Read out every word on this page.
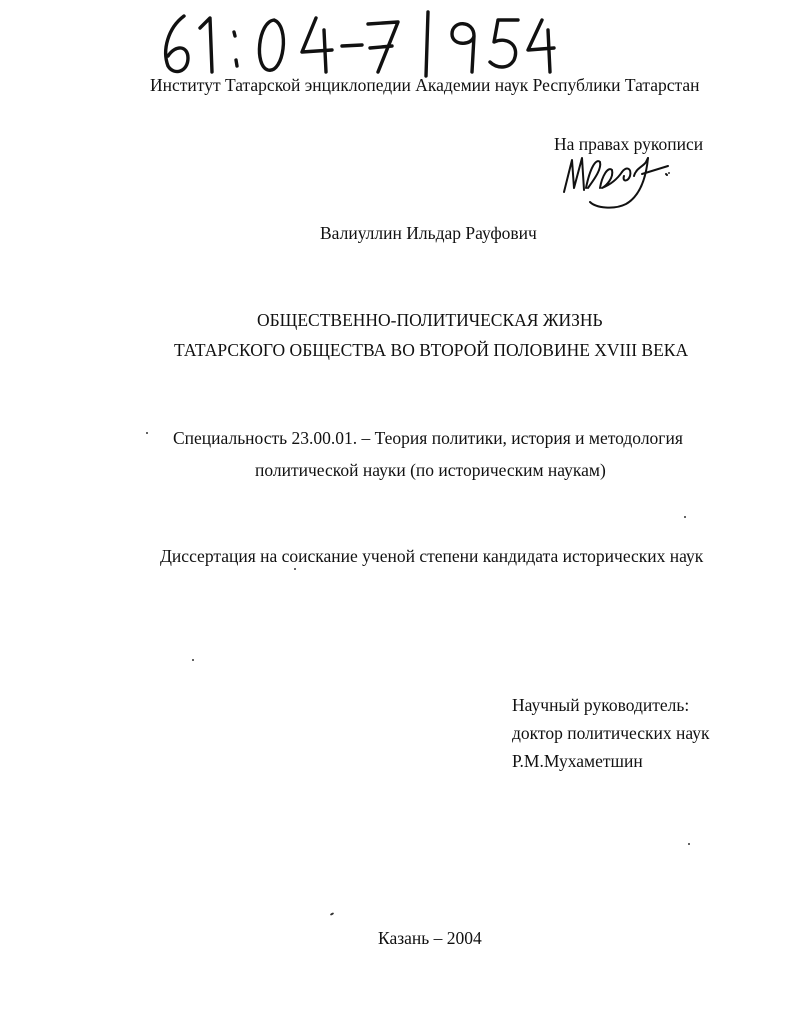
Институт Татарской энциклопедии Академии наук Республики Татарстан
На правах рукописи
Валиуллин Ильдар Рауфович
ОБЩЕСТВЕННО-ПОЛИТИЧЕСКАЯ ЖИЗНЬ
ТАТАРСКОГО ОБЩЕСТВА ВО ВТОРОЙ ПОЛОВИНЕ XVIII ВЕКА
Специальность 23.00.01. – Теория политики, история и методология
политической науки (по историческим наукам)
Диссертация на соискание ученой степени кандидата исторических наук
Научный руководитель:
доктор политических наук
Р.М.Мухаметшин
Казань – 2004
